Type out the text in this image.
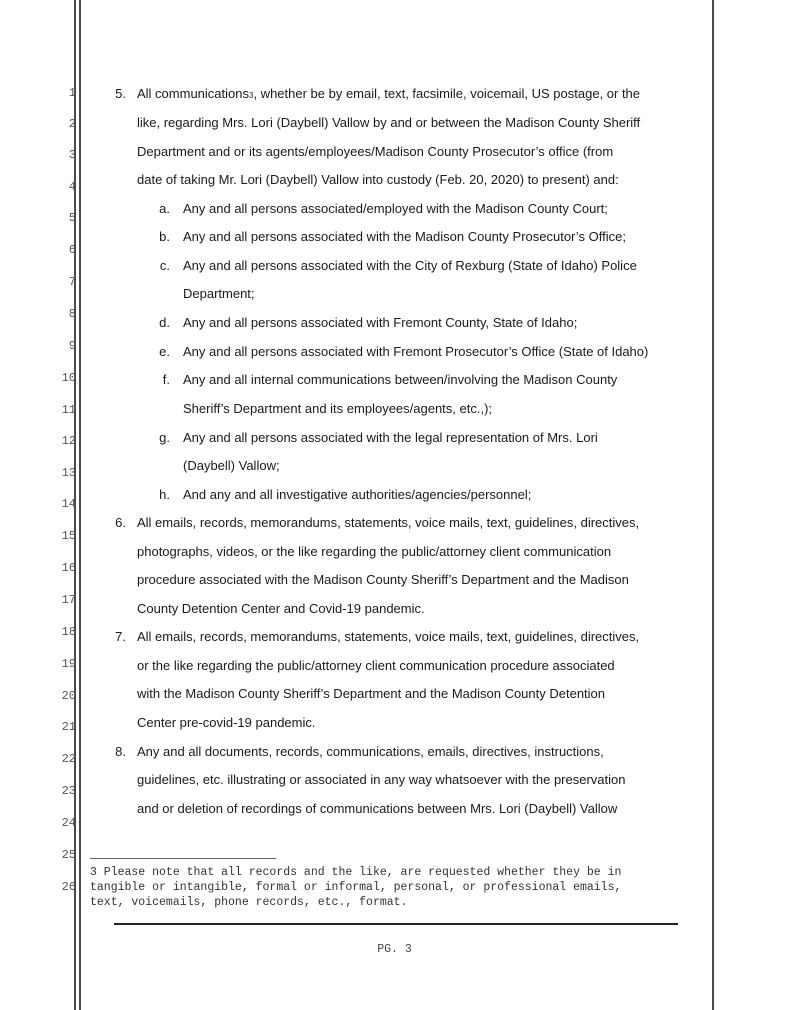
1
2
3
4
5
6
7
8
9
10
11
12
13
14
15
16
17
18
19
20
21
22
23
24
25
26
5. All communications3, whether be by email, text, facsimile, voicemail, US postage, or the
like, regarding Mrs. Lori (Daybell) Vallow by and or between the Madison County Sheriff
Department and or its agents/employees/Madison County Prosecutor’s office (from
date of taking Mr. Lori (Daybell) Vallow into custody (Feb. 20, 2020) to present) and:
a. Any and all persons associated/employed with the Madison County Court;
b. Any and all persons associated with the Madison County Prosecutor’s Office;
c. Any and all persons associated with the City of Rexburg (State of Idaho) Police
Department;
d. Any and all persons associated with Fremont County, State of Idaho;
e. Any and all persons associated with Fremont Prosecutor’s Office (State of Idaho)
f. Any and all internal communications between/involving the Madison County
Sheriff’s Department and its employees/agents, etc.,);
g. Any and all persons associated with the legal representation of Mrs. Lori
(Daybell) Vallow;
h. And any and all investigative authorities/agencies/personnel;
6. All emails, records, memorandums, statements, voice mails, text, guidelines, directives,
photographs, videos, or the like regarding the public/attorney client communication
procedure associated with the Madison County Sheriff’s Department and the Madison
County Detention Center and Covid-19 pandemic.
7. All emails, records, memorandums, statements, voice mails, text, guidelines, directives,
or the like regarding the public/attorney client communication procedure associated
with the Madison County Sheriff’s Department and the Madison County Detention
Center pre-covid-19 pandemic.
8. Any and all documents, records, communications, emails, directives, instructions,
guidelines, etc. illustrating or associated in any way whatsoever with the preservation
and or deletion of recordings of communications between Mrs. Lori (Daybell) Vallow
3 Please note that all records and the like, are requested whether they be in
tangible or intangible, formal or informal, personal, or professional emails,
text, voicemails, phone records, etc., format.
PG. 3
